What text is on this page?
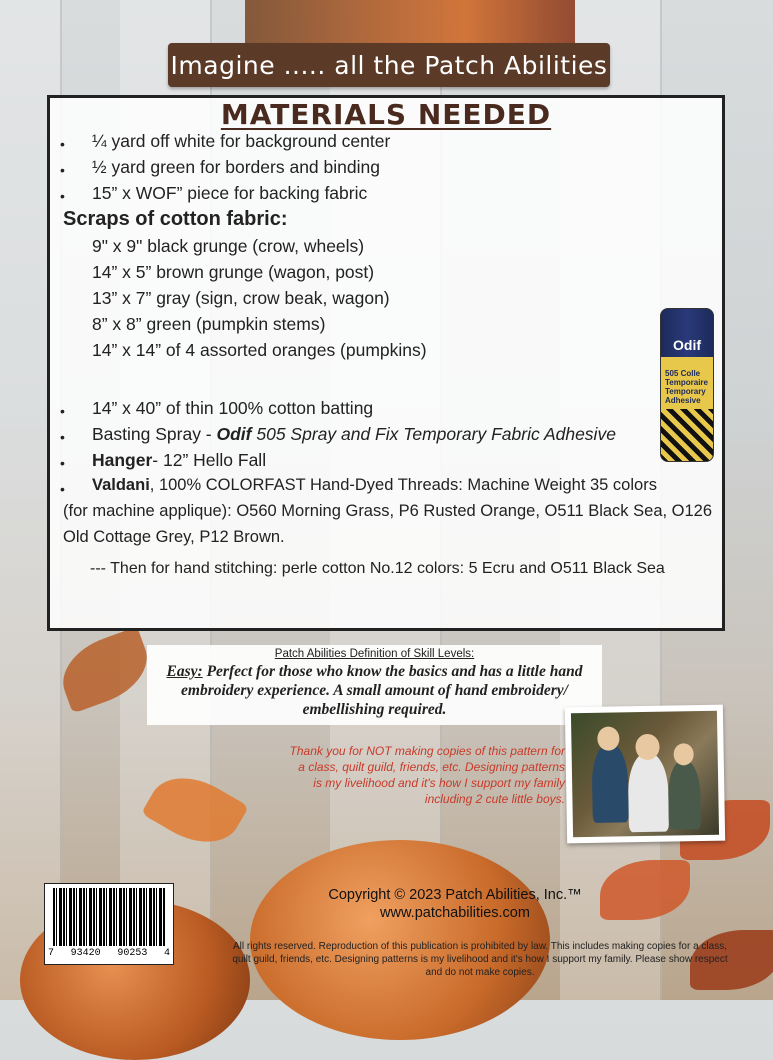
Imagine ..... all the Patch Abilities
MATERIALS NEEDED
• ¼ yard off white for background center
• ½ yard green for borders and binding
• 15” x WOF” piece for backing fabric
Scraps of cotton fabric:
9" x 9" black grunge (crow, wheels)
14” x 5” brown grunge (wagon, post)
13” x 7” gray (sign, crow beak, wagon)
8” x 8” green (pumpkin stems)
14” x 14” of 4 assorted oranges (pumpkins)
• 14” x 40” of thin 100% cotton batting
• Basting Spray - Odif 505 Spray and Fix Temporary Fabric Adhesive
• Hanger- 12” Hello Fall
• Valdani, 100% COLORFAST Hand-Dyed Threads: Machine Weight 35 colors
(for machine applique): O560 Morning Grass, P6 Rusted Orange, O511 Black Sea, O126
Old Cottage Grey, P12 Brown.
--- Then for hand stitching: perle cotton No.12 colors: 5 Ecru and O511 Black Sea
Odif
505 Colle Temporaire Temporary Adhesive
Patch Abilities Definition of Skill Levels:
Easy: Perfect for those who know the basics and has a little hand
embroidery experience. A small amount of hand embroidery/
embellishing required.
Thank you for NOT making copies of this pattern for
a class, quilt guild, friends, etc. Designing patterns
is my livelihood and it's how I support my family
including 2 cute little boys.
7 93420 90253 4
Copyright © 2023 Patch Abilities, Inc.™
www.patchabilities.com
All rights reserved. Reproduction of this publication is prohibited by law. This includes making copies for a class,
quilt guild, friends, etc. Designing patterns is my livelihood and it's how I support my family. Please show respect
and do not make copies.
